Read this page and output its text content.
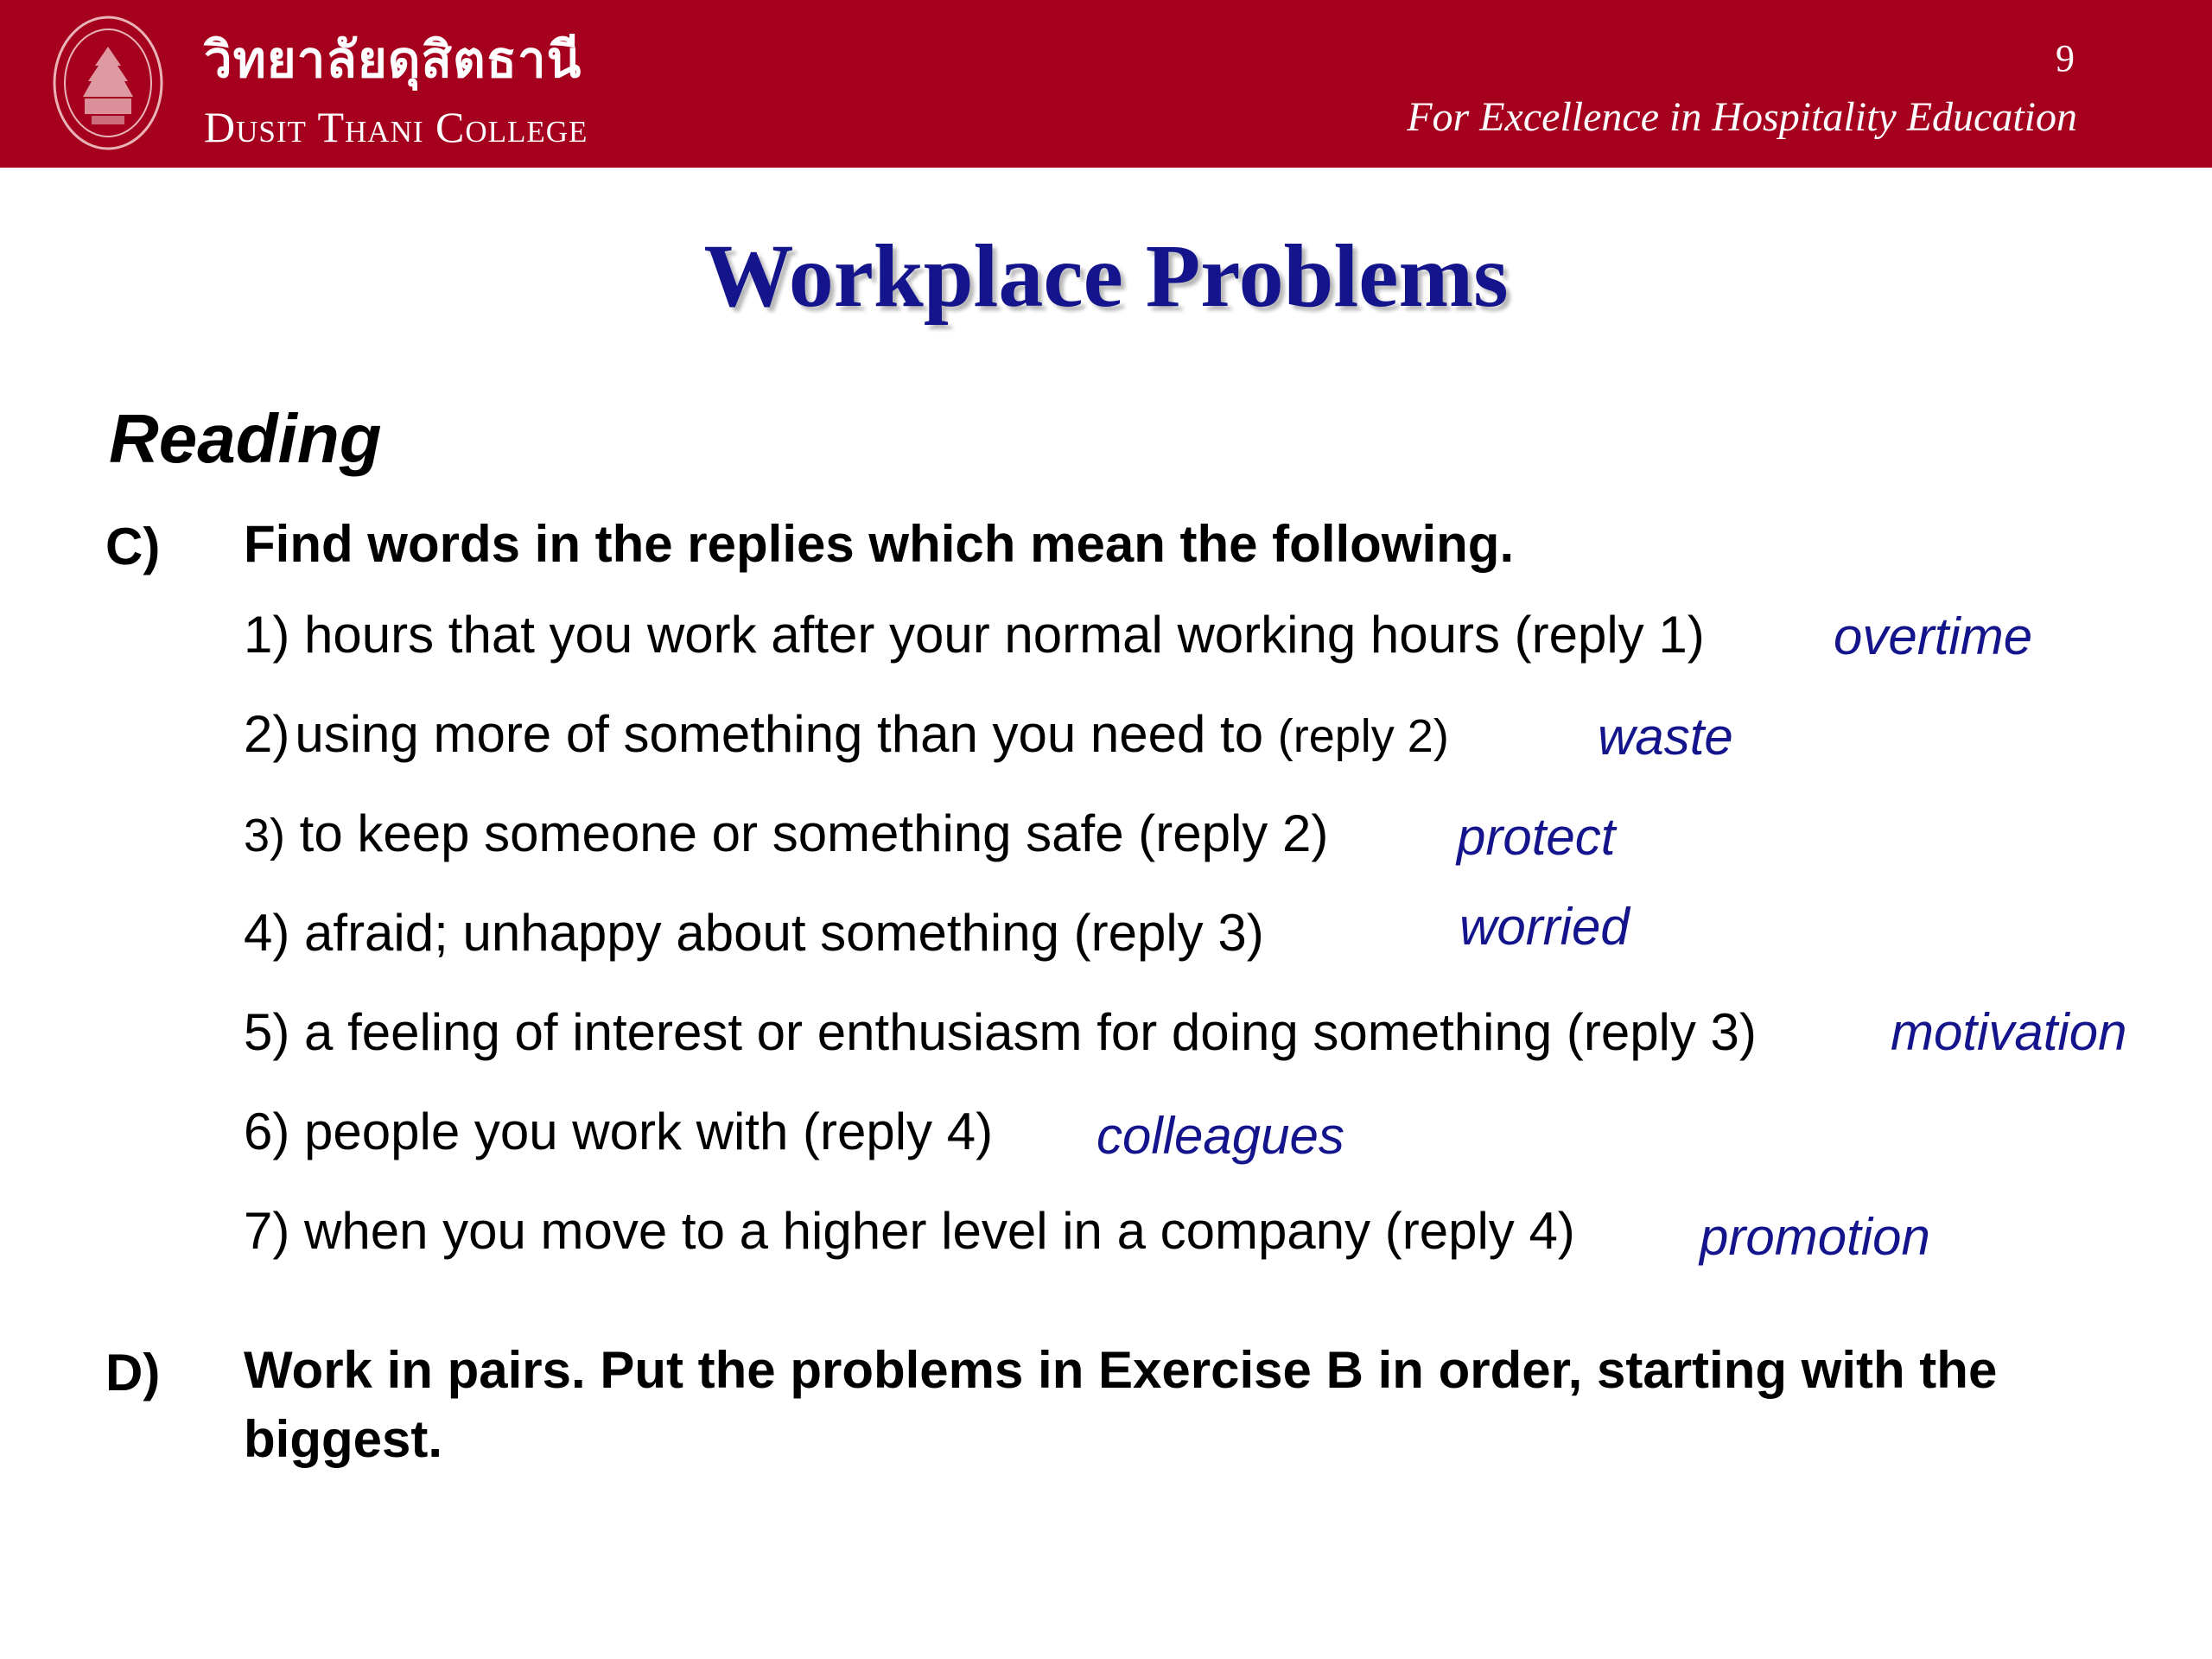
วิทยาลัยดุสิตธานี
Dusit Thani College
9
For Excellence in Hospitality Education
Workplace Problems
Reading
C) Find words in the replies which mean the following.
1) hours that you work after your normal working hours (reply 1) overtime
2) using more of something than you need to (reply 2)	waste
3) to keep someone or something safe (reply 2) protect
4) afraid; unhappy about something (reply 3)	worried
5) a feeling of interest or enthusiasm for doing something (reply 3)	motivation
6) people you work with (reply 4) colleagues
7) when you move to a higher level in a company (reply 4) promotion
D) Work in pairs. Put the problems in Exercise B in order, starting with the biggest.
